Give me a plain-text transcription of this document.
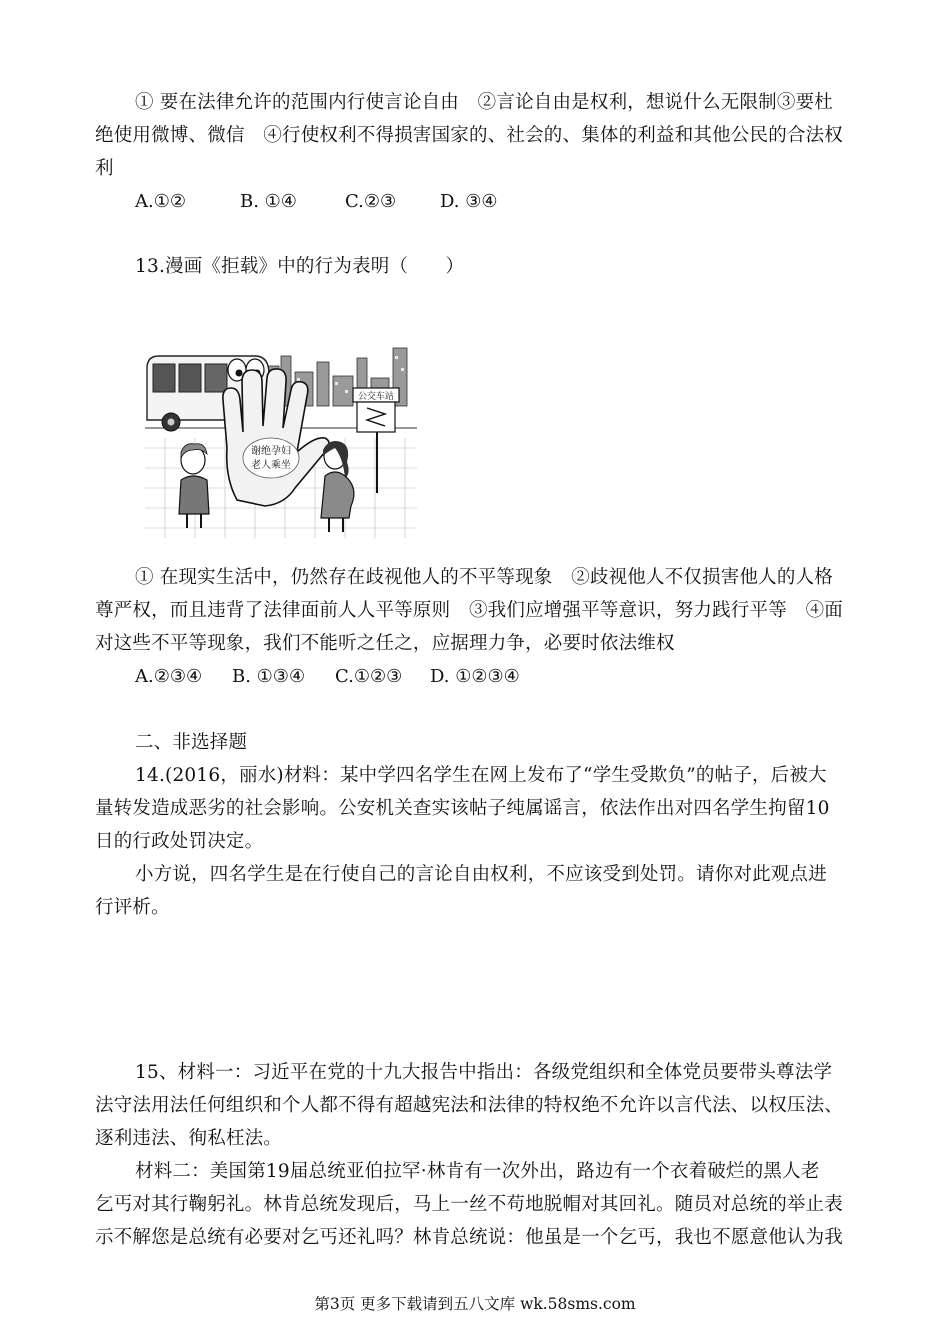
① 要在法律允许的范围内行使言论自由　②言论自由是权利，想说什么无限制③要杜
绝使用微博、微信　④行使权利不得损害国家的、社会的、集体的利益和其他公民的合法权
利
A.①②	B. ①④	C.②③ D. ③④
13.漫画《拒载》中的行为表明（　　）
谢绝孕妇
老人乘坐
公交车站
① 在现实生活中，仍然存在歧视他人的不平等现象　②歧视他人不仅损害他人的人格
尊严权，而且违背了法律面前人人平等原则　③我们应增强平等意识，努力践行平等　④面
对这些不平等现象，我们不能听之任之，应据理力争，必要时依法维权
A.②③④ B. ①③④ C.①②③ D. ①②③④
二、非选择题
14.(2016，丽水)材料：某中学四名学生在网上发布了“学生受欺负”的帖子，后被大
量转发造成恶劣的社会影响。公安机关查实该帖子纯属谣言，依法作出对四名学生拘留10
日的行政处罚决定。
小方说，四名学生是在行使自己的言论自由权利，不应该受到处罚。请你对此观点进
行评析。
15、材料一：习近平在党的十九大报告中指出：各级党组织和全体党员要带头尊法学
法守法用法任何组织和个人都不得有超越宪法和法律的特权绝不允许以言代法、以权压法、
逐利违法、徇私枉法。
材料二：美国第19届总统亚伯拉罕·林肯有一次外出，路边有一个衣着破烂的黑人老
乞丐对其行鞠躬礼。林肯总统发现后，马上一丝不苟地脱帽对其回礼。随员对总统的举止表
示不解您是总统有必要对乞丐还礼吗？林肯总统说：他虽是一个乞丐，我也不愿意他认为我
第3页 更多下载请到五八文库 wk.58sms.com
